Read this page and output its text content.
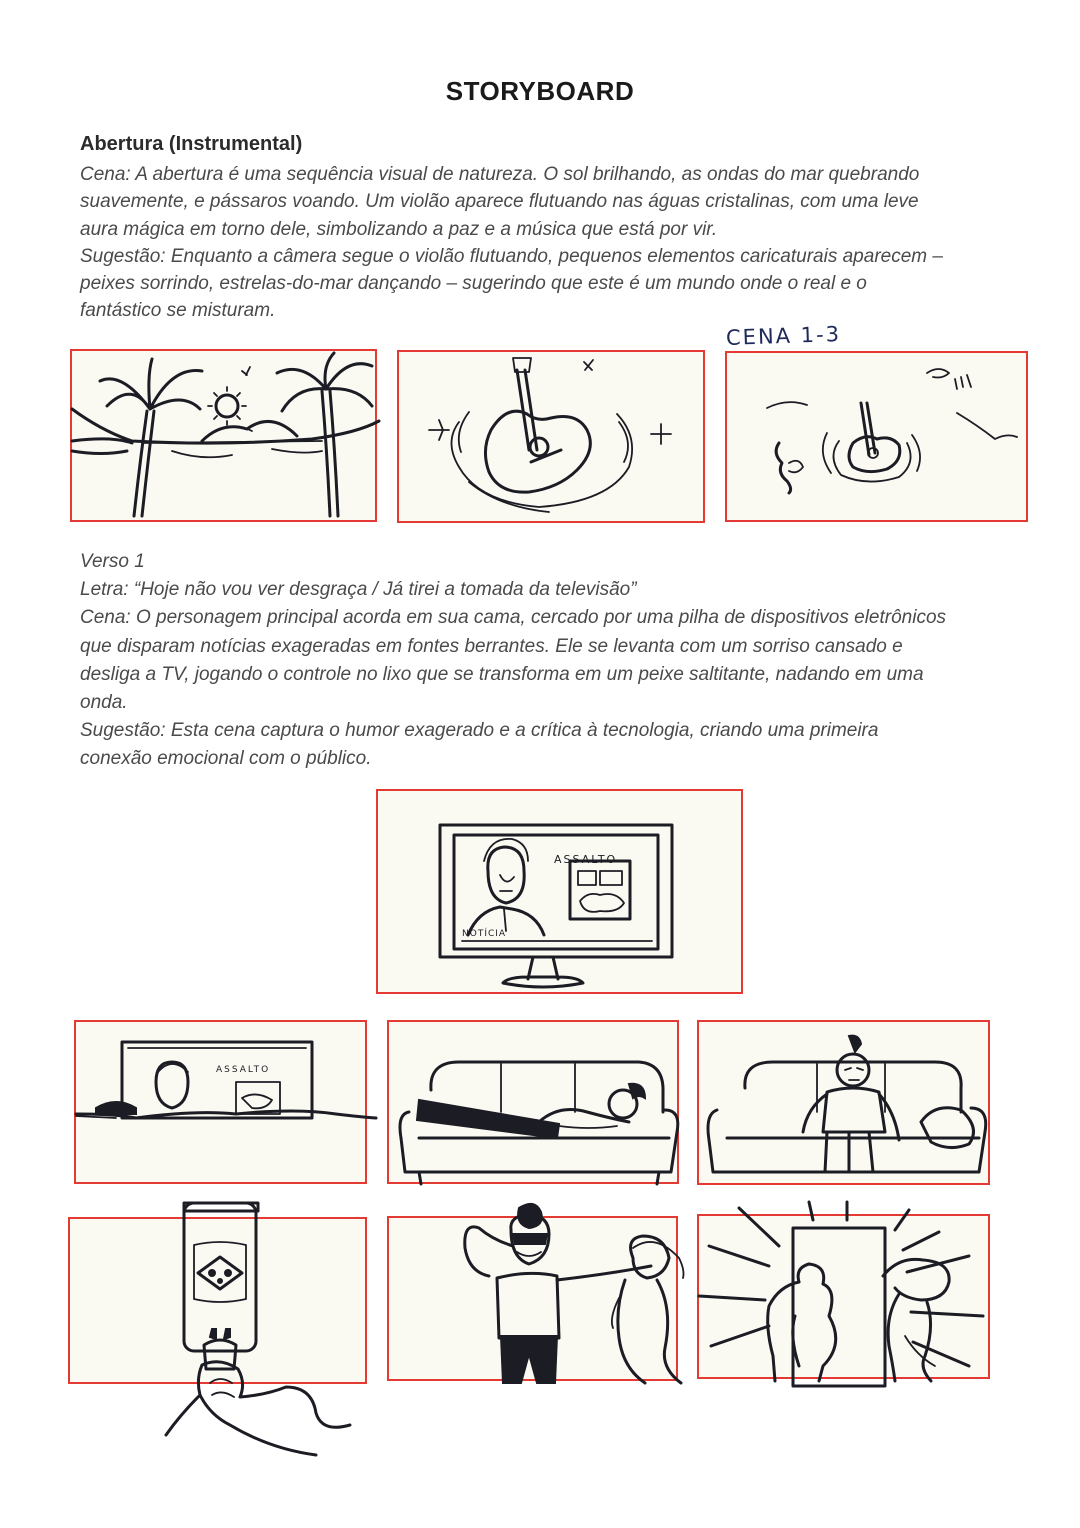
STORYBOARD
Abertura (Instrumental)

Cena: A abertura é uma sequência visual de natureza. O sol brilhando, as ondas do mar quebrando

suavemente, e pássaros voando. Um violão aparece flutuando nas águas cristalinas, com uma leve

aura mágica em torno dele, simbolizando a paz e a música que está por vir.

Sugestão: Enquanto a câmera segue o violão flutuando, pequenos elementos caricaturais aparecem –

peixes sorrindo, estrelas-do-mar dançando – sugerindo que este é um mundo onde o real e o

fantástico se misturam.

CENA 1-3

Verso 1

Letra: “Hoje não vou ver desgraça / Já tirei a tomada da televisão”

Cena: O personagem principal acorda em sua cama, cercado por uma pilha de dispositivos eletrônicos

que disparam notícias exageradas em fontes berrantes. Ele se levanta com um sorriso cansado e

desliga a TV, jogando o controle no lixo que se transforma em um peixe saltitante, nadando em uma

onda.

Sugestão: Esta cena captura o humor exagerado e a crítica à tecnologia, criando uma primeira

conexão emocional com o público.

ASSALTO
NOTÍCIA
ASSALTO
